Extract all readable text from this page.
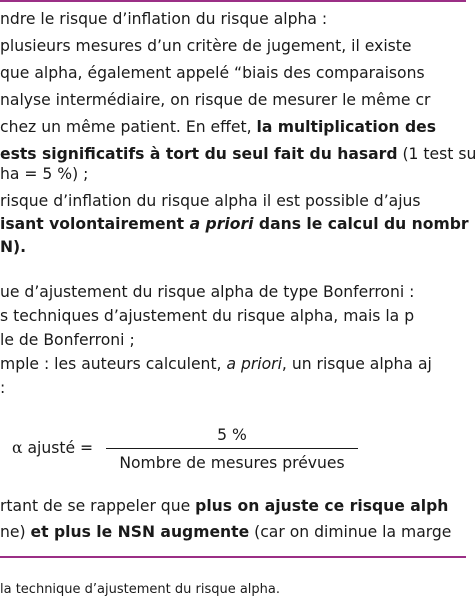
ndre le risque d’inflation du risque alpha :
plusieurs mesures d’un critère de jugement, il existe
que alpha, également appelé “biais des comparaisons
nalyse intermédiaire, on risque de mesurer le même cr
chez un même patient. En effet, la multiplication des
ests significatifs à tort du seul fait du hasard (1 test su
ha = 5 %) ;
risque d’inflation du risque alpha il est possible d’ajus
isant volontairement a priori dans le calcul du nombr
N).
ue d’ajustement du risque alpha de type Bonferroni :
s techniques d’ajustement du risque alpha, mais la p
le de Bonferroni ;
mple : les auteurs calculent, a priori, un risque alpha aj
:
α ajusté =
5 %
Nombre de mesures prévues
rtant de se rappeler que plus on ajuste ce risque alph
ne) et plus le NSN augmente (car on diminue la marge
la technique d’ajustement du risque alpha.
